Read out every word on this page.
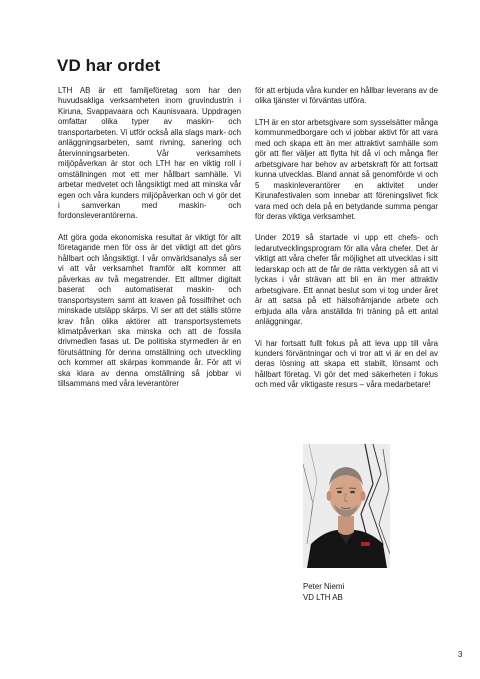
VD har ordet

LTH AB är ett familjeföretag som har den huvudsakliga verksamheten inom gruvindustrin i Kiruna, Svappavaara och Kaunisvaara. Uppdragen omfattar olika typer av maskin- och transportarbeten. Vi utför också alla slags mark- och anläggningsarbeten, samt rivning, sanering och återvinningsarbeten. Vår verksamhets miljöpåverkan är stor och LTH har en viktig roll i omställningen mot ett mer hållbart samhälle. Vi arbetar medvetet och långsiktigt med att minska vår egen och våra kunders miljöpåverkan och vi gör det i samverkan med maskin- och fordonsleverantörerna.

Att göra goda ekonomiska resultat är viktigt för allt företagande men för oss är det viktigt att det görs hållbart och långsiktigt. I vår omvärldsanalys så ser vi att vår verksamhet framför allt kommer att påverkas av två megatrender. Ett alltmer digitalt baserat och automatiserat maskin- och transportsystem samt att kraven på fossilfrihet och minskade utsläpp skärps. Vi ser att det ställs större krav från olika aktörer att transportsystemets klimatpåverkan ska minska och att de fossila drivmedlen fasas ut. De politiska styrmedlen är en förutsättning för denna omställning och utveckling och kommer att skärpas kommande år. För att vi ska klara av denna omställning så jobbar vi tillsammans med våra leverantörer

för att erbjuda våra kunder en hållbar leverans av de olika tjänster vi förväntas utföra.

LTH är en stor arbetsgivare som sysselsätter många kommunmedborgare och vi jobbar aktivt för att vara med och skapa ett än mer attraktivt samhälle som gör att fler väljer att flytta hit då vi och många fler arbetsgivare har behov av arbetskraft för att fortsatt kunna utvecklas. Bland annat så genomförde vi och 5 maskinleverantörer en aktivitet under Kirunafestivalen som innebar att föreningslivet fick vara med och dela på en betydande summa pengar för deras viktiga verksamhet.

Under 2019 så startade vi upp ett chefs- och ledarutvecklingsprogram för alla våra chefer. Det är viktigt att våra chefer får möjlighet att utvecklas i sitt ledarskap och att de får de rätta verktygen så att vi lyckas i vår strävan att bli en än mer attraktiv arbetsgivare. Ett annat beslut som vi tog under året är att satsa på ett hälsofrämjande arbete och erbjuda alla våra anställda fri träning på ett antal anläggningar.

Vi har fortsatt fullt fokus på att leva upp till våra kunders förväntningar och vi tror att vi är en del av deras lösning att skapa ett stabilt, lönsamt och hållbart företag. Vi gör det med säkerheten i fokus och med vår viktigaste resurs – våra medarbetare!

Peter Niemi
VD LTH AB
3
